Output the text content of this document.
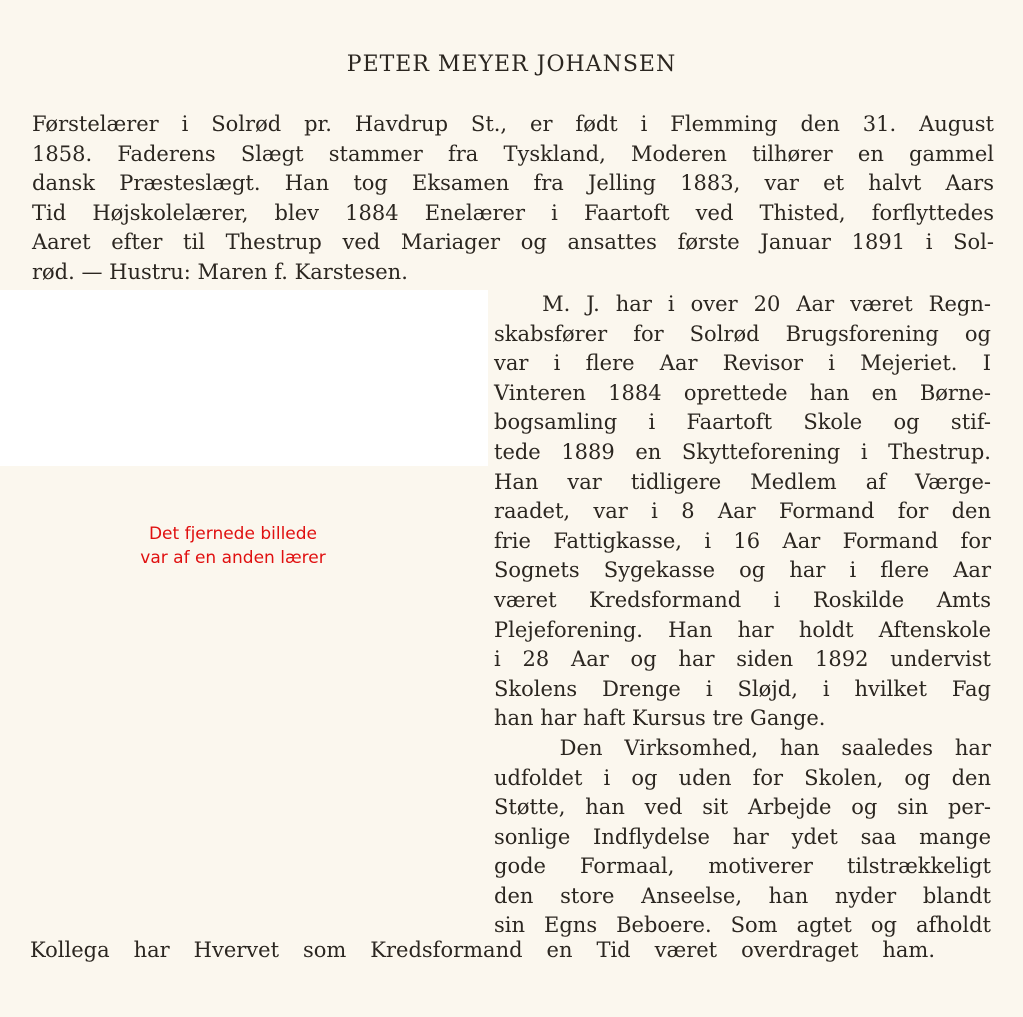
PETER MEYER JOHANSEN
Førstelærer i Solrød pr. Havdrup St., er født i Flemming den 31. August
1858. Faderens Slægt stammer fra Tyskland, Moderen tilhører en gammel
dansk Præsteslægt. Han tog Eksamen fra Jelling 1883, var et halvt Aars
Tid Højskolelærer, blev 1884 Enelærer i Faartoft ved Thisted, forflyttedes
Aaret efter til Thestrup ved Mariager og ansattes første Januar 1891 i Sol-
rød. — Hustru: Maren f. Karstesen.
Det fjernede billede
var af en anden lærer
M. J. har i over 20 Aar været Regn-
skabsfører for Solrød Brugsforening og
var i flere Aar Revisor i Mejeriet. I
Vinteren 1884 oprettede han en Børne-
bogsamling i Faartoft Skole og stif-
tede 1889 en Skytteforening i Thestrup.
Han var tidligere Medlem af Værge-
raadet, var i 8 Aar Formand for den
frie Fattigkasse, i 16 Aar Formand for
Sognets Sygekasse og har i flere Aar
været Kredsformand i Roskilde Amts
Plejeforening. Han har holdt Aftenskole
i 28 Aar og har siden 1892 undervist
Skolens Drenge i Sløjd, i hvilket Fag
han har haft Kursus tre Gange.
Den Virksomhed, han saaledes har
udfoldet i og uden for Skolen, og den
Støtte, han ved sit Arbejde og sin per-
sonlige Indflydelse har ydet saa mange
gode Formaal, motiverer tilstrækkeligt
den store Anseelse, han nyder blandt
sin Egns Beboere. Som agtet og afholdt
Kollega har Hvervet som Kredsformand en Tid været overdraget ham.
